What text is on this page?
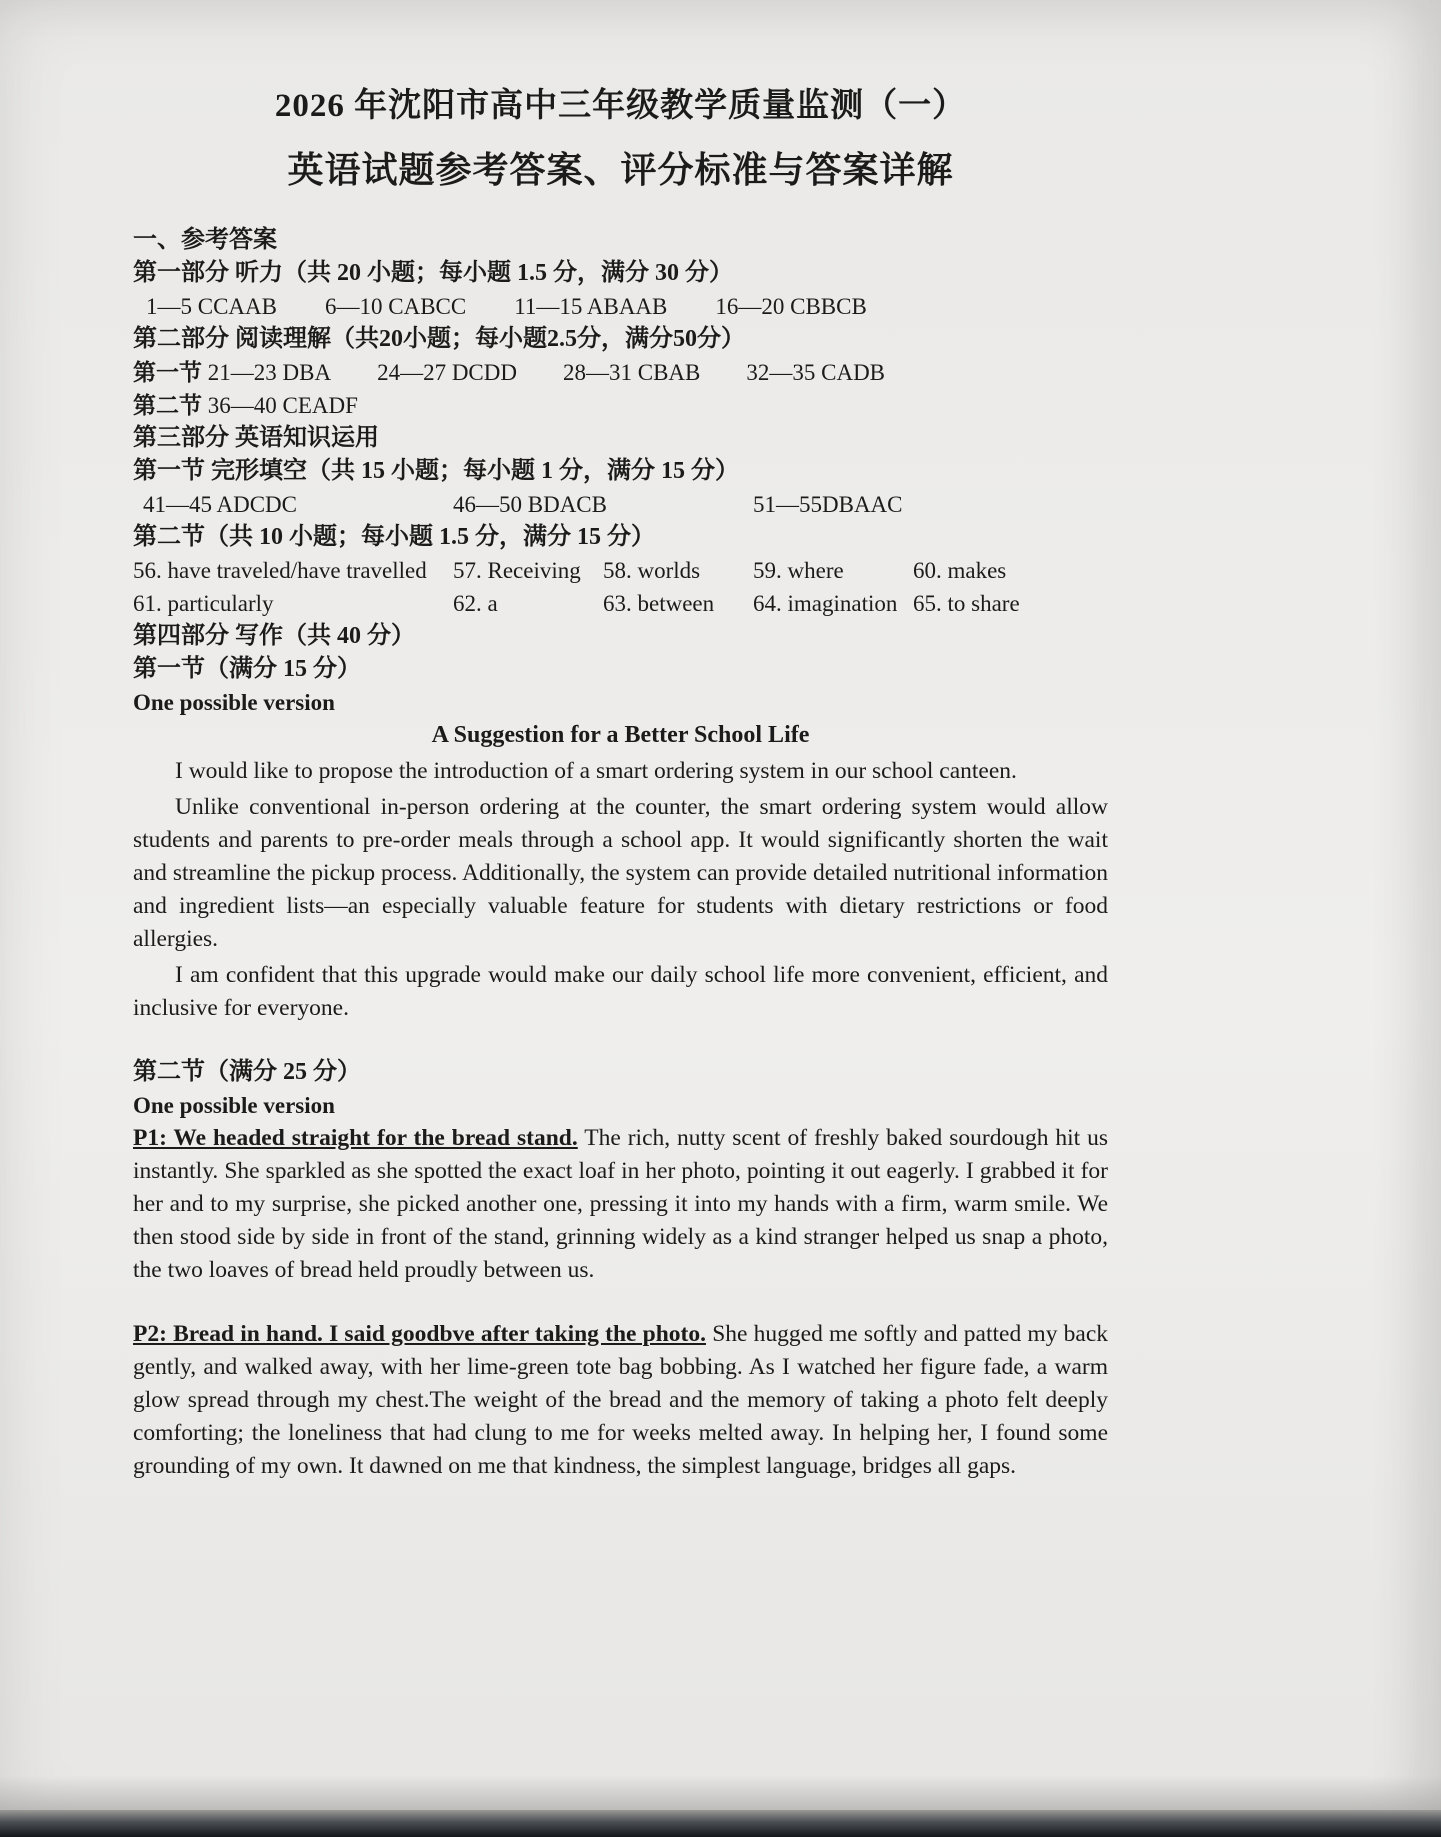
2026 年沈阳市高中三年级教学质量监测（一）
英语试题参考答案、评分标准与答案详解
一、参考答案
第一部分 听力（共 20 小题；每小题 1.5 分，满分 30 分）
1—5 CCAAB 6—10 CABCC 11—15 ABAAB 16—20 CBBCB
第二部分 阅读理解（共20小题；每小题2.5分，满分50分）
第一节 21—23 DBA 24—27 DCDD 28—31 CBAB 32—35 CADB
第二节 36—40 CEADF
第三部分 英语知识运用
第一节 完形填空（共 15 小题；每小题 1 分，满分 15 分）
41—45 ADCDC	46—50 BDACB	51—55DBAAC
第二节（共 10 小题；每小题 1.5 分，满分 15 分）
56. have traveled/have travelled	57. Receiving 58. worlds	59. where	60. makes
61. particularly	62. a	63. between	64. imagination 65. to share
第四部分 写作（共 40 分）
第一节（满分 15 分）
One possible version
A Suggestion for a Better School Life

I would like to propose the introduction of a smart ordering system in our school canteen.

Unlike conventional in-person ordering at the counter, the smart ordering system would allow students and parents to pre-order meals through a school app. It would significantly shorten the wait and streamline the pickup process. Additionally, the system can provide detailed nutritional information and ingredient lists—an especially valuable feature for students with dietary restrictions or food allergies.

I am confident that this upgrade would make our daily school life more convenient, efficient, and inclusive for everyone.

第二节（满分 25 分）
One possible version

P1: We headed straight for the bread stand. The rich, nutty scent of freshly baked sourdough hit us instantly. She sparkled as she spotted the exact loaf in her photo, pointing it out eagerly. I grabbed it for her and to my surprise, she picked another one, pressing it into my hands with a firm, warm smile. We then stood side by side in front of the stand, grinning widely as a kind stranger helped us snap a photo, the two loaves of bread held proudly between us.

P2: Bread in hand. I said goodbve after taking the photo. She hugged me softly and patted my back gently, and walked away, with her lime-green tote bag bobbing. As I watched her figure fade, a warm glow spread through my chest.The weight of the bread and the memory of taking a photo felt deeply comforting; the loneliness that had clung to me for weeks melted away. In helping her, I found some grounding of my own. It dawned on me that kindness, the simplest language, bridges all gaps.
